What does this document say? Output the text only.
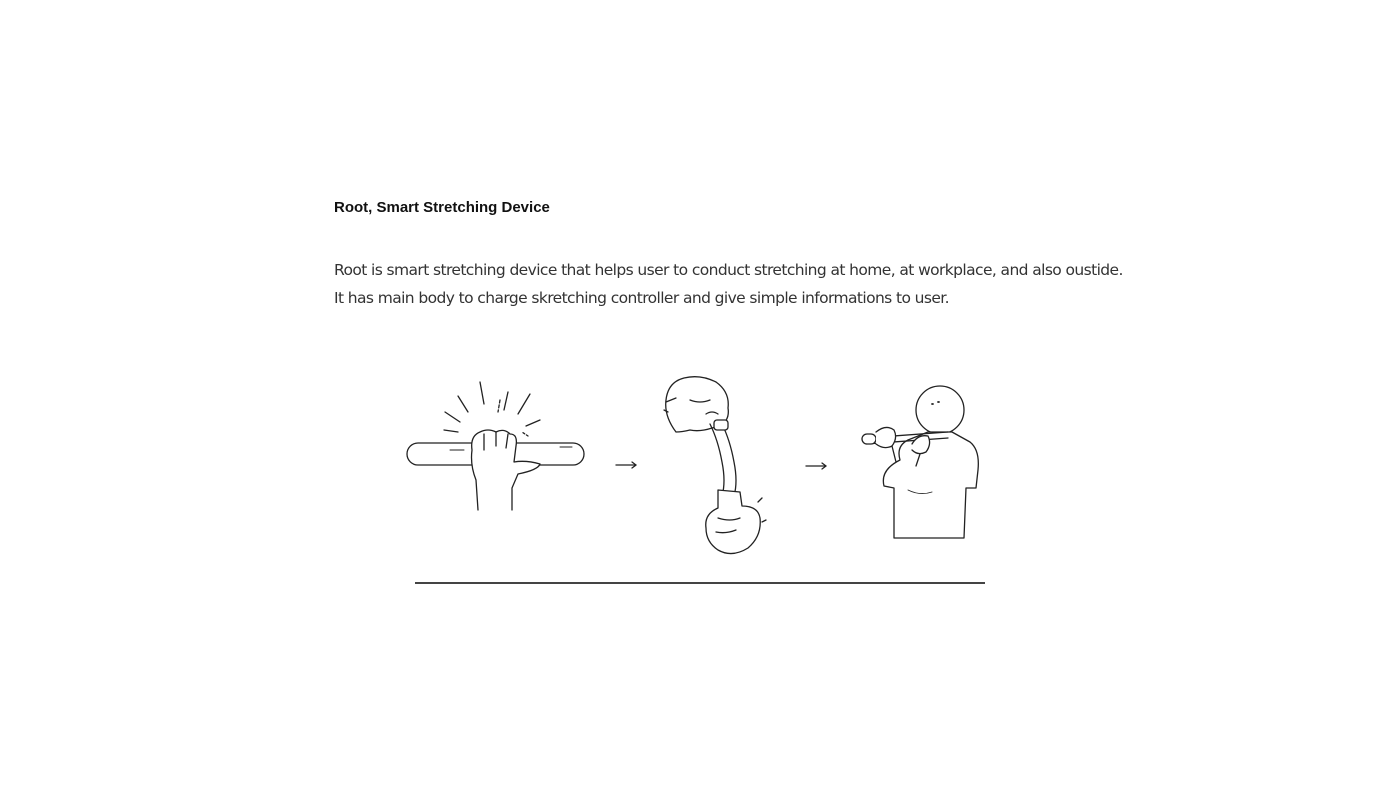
Root, Smart Stretching Device

Root is smart stretching device that helps user to conduct stretching at home, at workplace, and also oustide.
It has main body to charge skretching controller and give simple informations to user.
